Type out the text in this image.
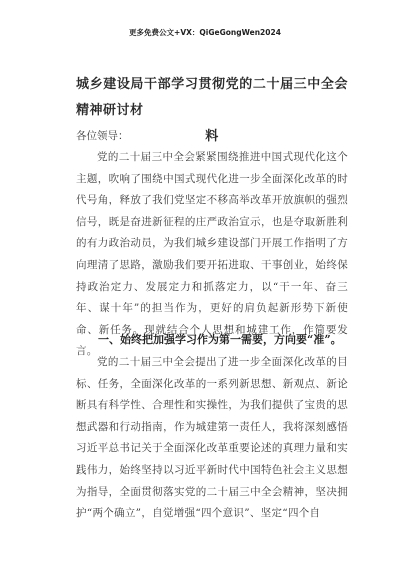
更多免费公文+VX：QiGeGongWen2024
城乡建设局干部学习贯彻党的二十届三中全会精神研讨材
料
各位领导：
党的二十届三中全会紧紧围绕推进中国式现代化这个主题，吹响了围绕中国式现代化进一步全面深化改革的时代号角，释放了我们党坚定不移高举改革开放旗帜的强烈信号，既是奋进新征程的庄严政治宣示，也是夺取新胜利的有力政治动员，为我们城乡建设部门开展工作指明了方向理清了思路，激励我们要开拓进取、干事创业，始终保持政治定力、发展定力和抓落定力，以“干一年、奋三年、谋十年”的担当作为，更好的肩负起新形势下新使命、新任务。现就结合个人思想和城建工作，作简要发言。
一、始终把加强学习作为第一需要，方向要“准”。
党的二十届三中全会提出了进一步全面深化改革的目标、任务，全面深化改革的一系列新思想、新观点、新论断具有科学性、合理性和实操性，为我们提供了宝贵的思想武器和行动指南，作为城建第一责任人，我将深刻感悟习近平总书记关于全面深化改革重要论述的真理力量和实践伟力，始终坚持以习近平新时代中国特色社会主义思想为指导，全面贯彻落实党的二十届三中全会精神，坚决拥护“两个确立”，自觉增强“四个意识”、坚定“四个自
